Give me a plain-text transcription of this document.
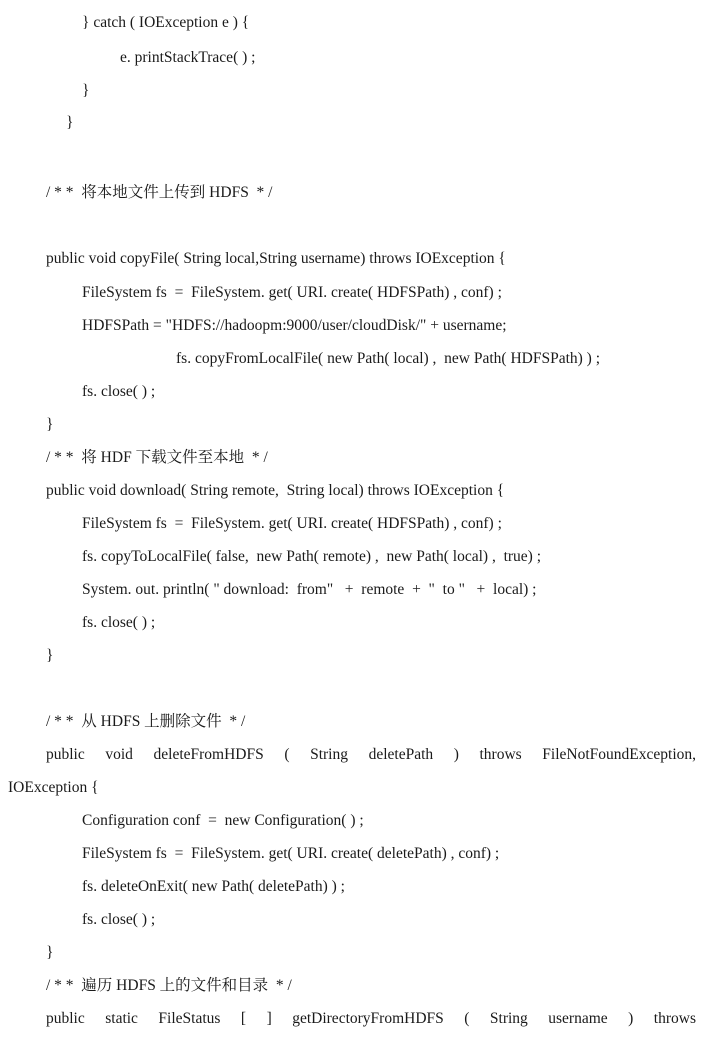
} catch ( IOException e ) {
e. printStackTrace( ) ;
}
}
/ * *  将本地文件上传到 HDFS  * /
public void copyFile( String local,String username) throws IOException {
FileSystem fs  =  FileSystem. get( URI. create( HDFSPath) , conf) ;
HDFSPath = "HDFS://hadoopm:9000/user/cloudDisk/" + username;
fs. copyFromLocalFile( new Path( local) ,  new Path( HDFSPath) ) ;
fs. close( ) ;
}
/ * *  将 HDF 下载文件至本地  * /
public void download( String remote,  String local) throws IOException {
FileSystem fs  =  FileSystem. get( URI. create( HDFSPath) , conf) ;
fs. copyToLocalFile( false,  new Path( remote) ,  new Path( local) ,  true) ;
System. out. println( " download:  from"   +  remote  +  "  to "   +  local) ;
fs. close( ) ;
}
/ * *  从 HDFS 上删除文件  * /
public void deleteFromHDFS ( String deletePath ) throws FileNotFoundException,
IOException {
Configuration conf  =  new Configuration( ) ;
FileSystem fs  =  FileSystem. get( URI. create( deletePath) , conf) ;
fs. deleteOnExit( new Path( deletePath) ) ;
fs. close( ) ;
}
/ * *  遍历 HDFS 上的文件和目录  * /
public static FileStatus [ ] getDirectoryFromHDFS ( String username ) throws
